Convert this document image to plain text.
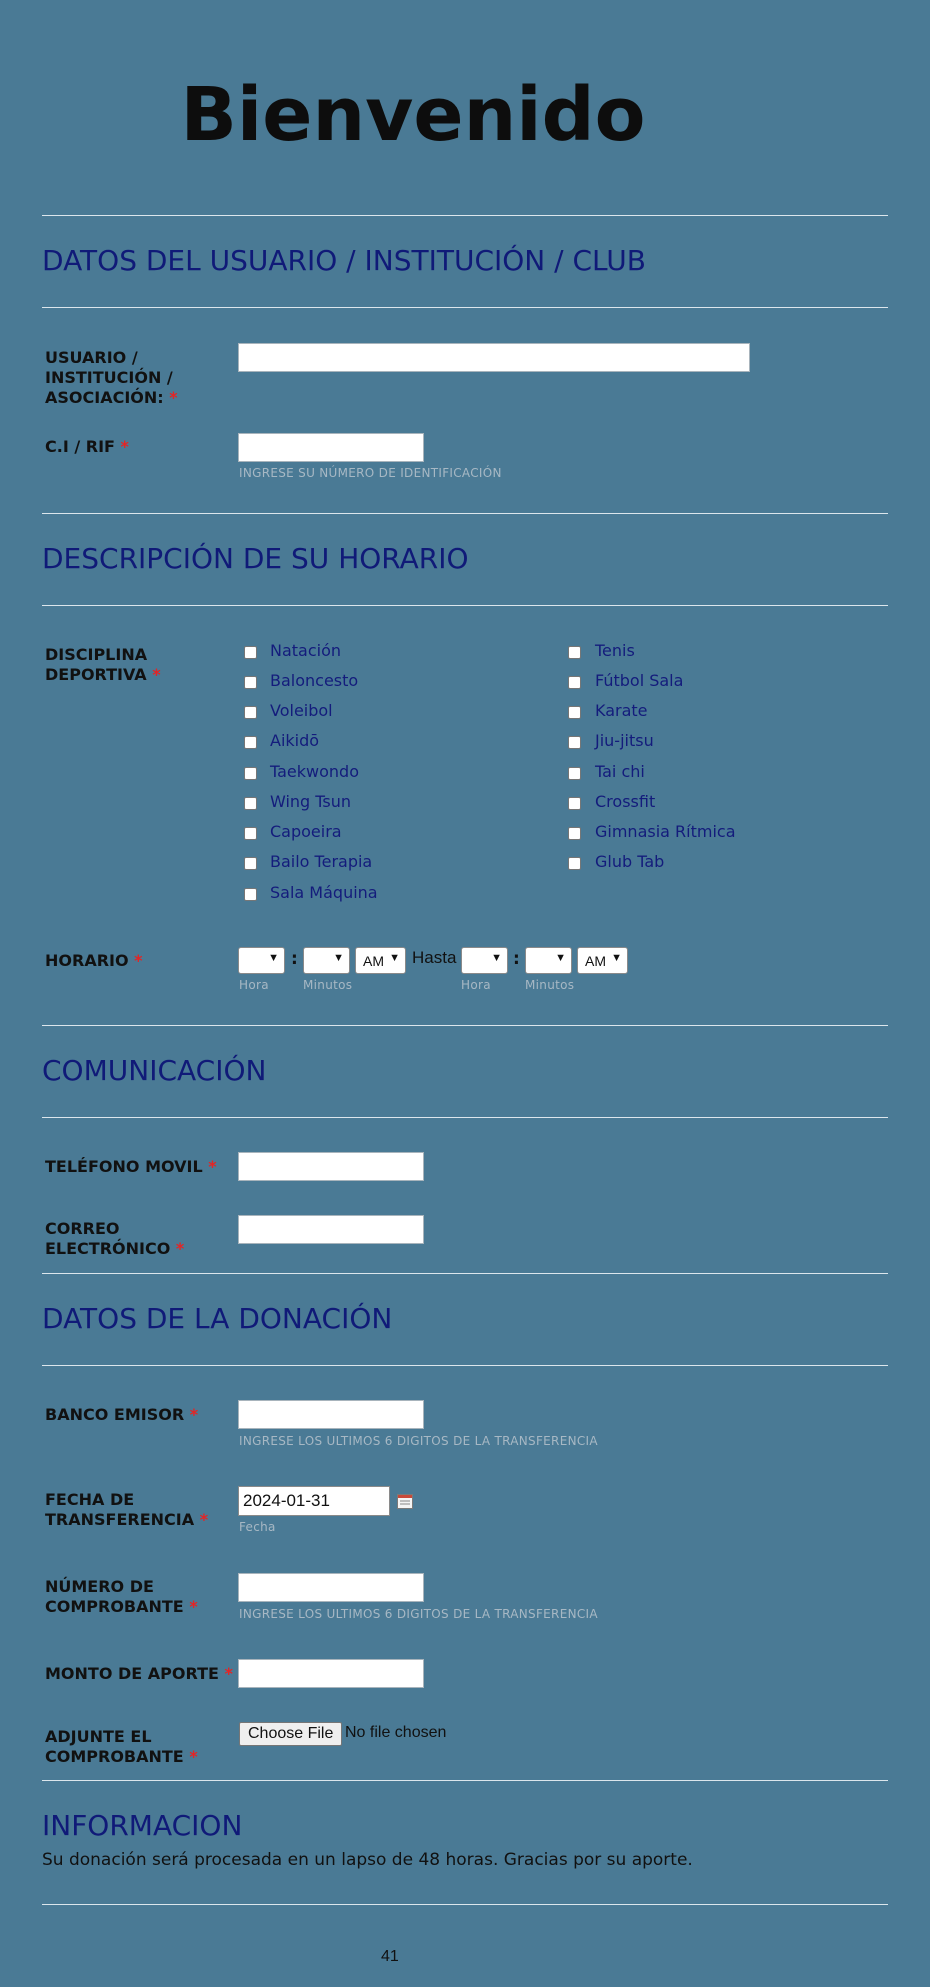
Bienvenido
DATOS DEL USUARIO / INSTITUCIÓN / CLUB
USUARIO / INSTITUCIÓN / ASOCIACIÓN: *
C.I / RIF *
INGRESE SU NÚMERO DE IDENTIFICACIÓN
DESCRIPCIÓN DE SU HORARIO
DISCIPLINA DEPORTIVA *
Natación
Baloncesto
Voleibol
Aikidō
Taekwondo
Wing Tsun
Capoeira
Bailo Terapia
Sala Máquina
Tenis
Fútbol Sala
Karate
Jiu-jitsu
Tai chi
Crossfit
Gimnasia Rítmica
Glub Tab
HORARIO *	▼ :	▼ AM ▼ Hasta	▼ :	▼ AM ▼
Hora	Minutos	Hora	Minutos
COMUNICACIÓN
TELÉFONO MOVIL *
CORREO ELECTRÓNICO *
DATOS DE LA DONACIÓN
BANCO EMISOR *
INGRESE LOS ULTIMOS 6 DIGITOS DE LA TRANSFERENCIA
FECHA DE TRANSFERENCIA *
2024-01-31
Fecha
NÚMERO DE COMPROBANTE *	INGRESE LOS ULTIMOS 6 DIGITOS DE LA TRANSFERENCIA
MONTO DE APORTE *
ADJUNTE EL COMPROBANTE *
Choose File No file chosen
INFORMACION
Su donación será procesada en un lapso de 48 horas. Gracias por su aporte.
41
